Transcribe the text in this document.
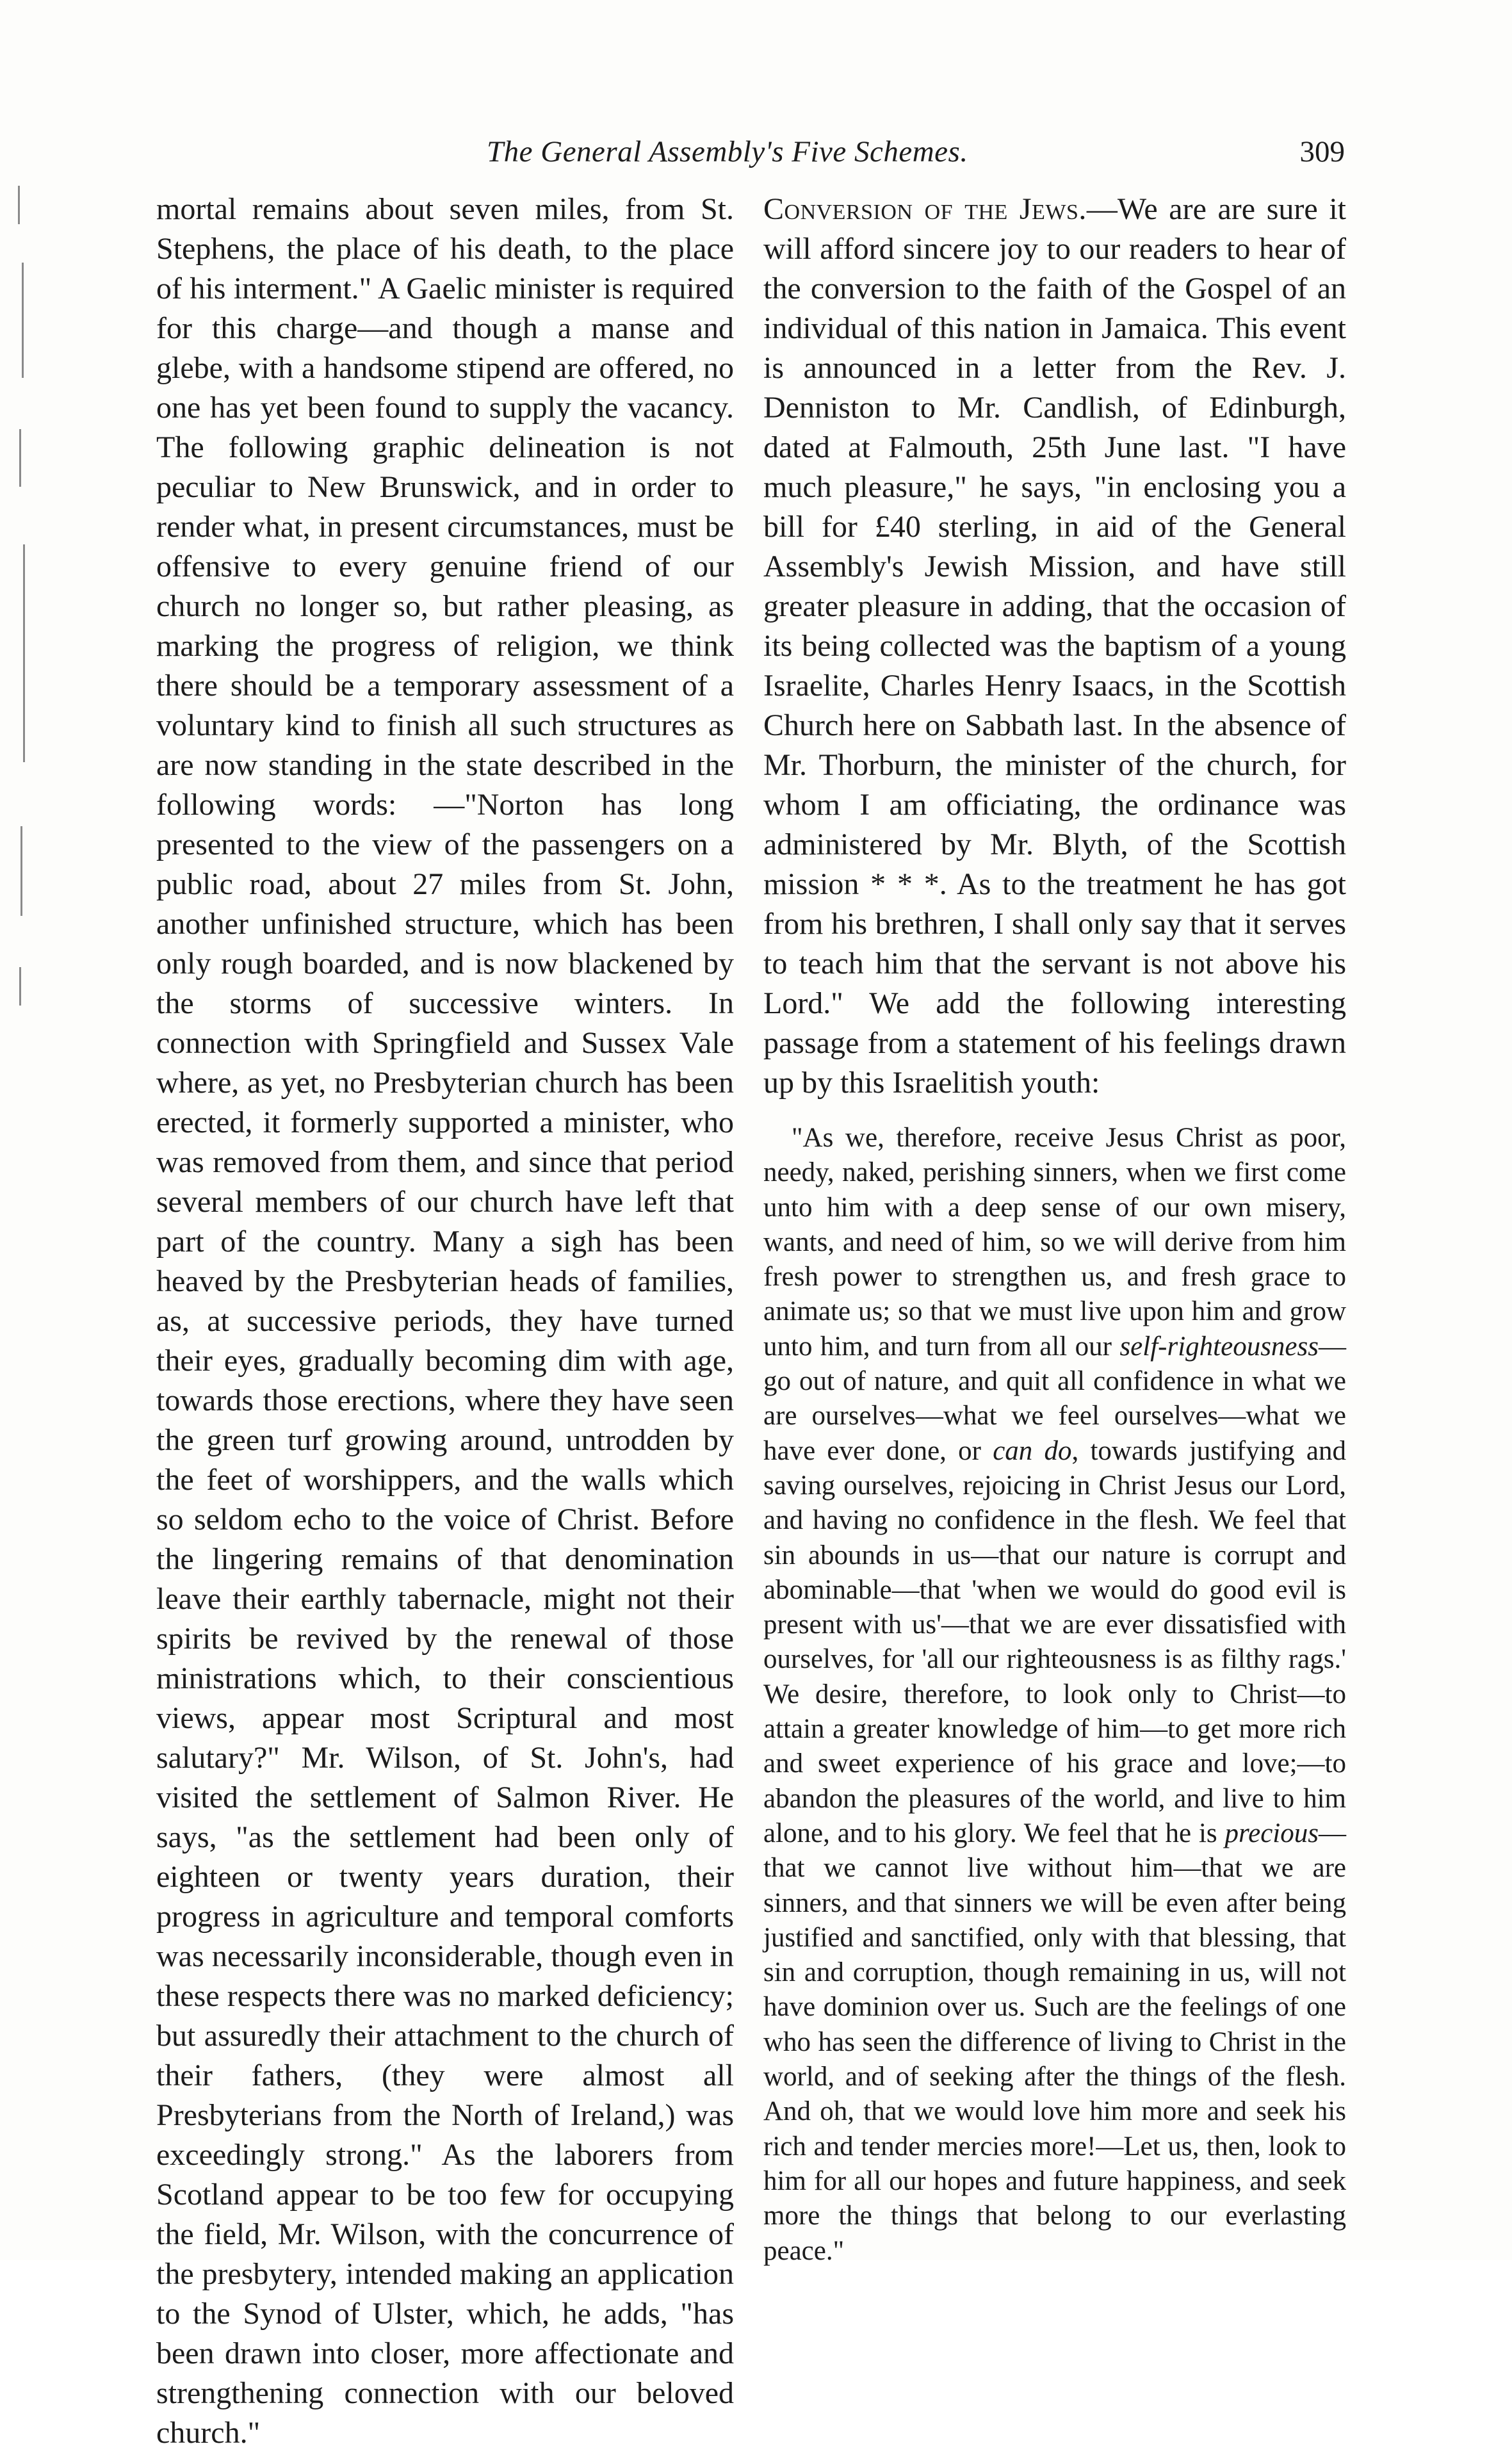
The General Assembly's Five Schemes.	309

mortal remains about seven miles, from St. Stephens, the place of his death, to the place of his interment." A Gaelic minister is required for this charge—and though a manse and glebe, with a handsome stipend are offered, no one has yet been found to supply the vacancy. The following graphic delineation is not peculiar to New Brunswick, and in order to render what, in present circumstances, must be offensive to every genuine friend of our church no longer so, but rather pleasing, as marking the progress of religion, we think there should be a temporary assessment of a voluntary kind to finish all such structures as are now standing in the state described in the following words: —"Norton has long presented to the view of the passengers on a public road, about 27 miles from St. John, another unfinished structure, which has been only rough boarded, and is now blackened by the storms of successive winters. In connection with Springfield and Sussex Vale where, as yet, no Presbyterian church has been erected, it formerly supported a minister, who was removed from them, and since that period several members of our church have left that part of the country. Many a sigh has been heaved by the Presbyterian heads of families, as, at successive periods, they have turned their eyes, gradually becoming dim with age, towards those erections, where they have seen the green turf growing around, untrodden by the feet of worshippers, and the walls which so seldom echo to the voice of Christ. Before the lingering remains of that denomination leave their earthly tabernacle, might not their spirits be revived by the renewal of those ministrations which, to their conscientious views, appear most Scriptural and most salutary?" Mr. Wilson, of St. John's, had visited the settlement of Salmon River. He says, "as the settlement had been only of eighteen or twenty years duration, their progress in agriculture and temporal comforts was necessarily inconsiderable, though even in these respects there was no marked deficiency; but assuredly their attachment to the church of their fathers, (they were almost all Presbyterians from the North of Ireland,) was exceedingly strong." As the laborers from Scotland appear to be too few for occupying the field, Mr. Wilson, with the concurrence of the presbytery, intended making an application to the Synod of Ulster, which, he adds, "has been drawn into closer, more affectionate and strengthening connection with our beloved church."

Conversion of the Jews.—We are are sure it will afford sincere joy to our readers to hear of the conversion to the faith of the Gospel of an individual of this nation in Jamaica. This event is announced in a letter from the Rev. J. Denniston to Mr. Candlish, of Edinburgh, dated at Falmouth, 25th June last. "I have much pleasure," he says, "in enclosing you a bill for £40 sterling, in aid of the General Assembly's Jewish Mission, and have still greater pleasure in adding, that the occasion of its being collected was the baptism of a young Israelite, Charles Henry Isaacs, in the Scottish Church here on Sabbath last. In the absence of Mr. Thorburn, the minister of the church, for whom I am officiating, the ordinance was administered by Mr. Blyth, of the Scottish mission * * *. As to the treatment he has got from his brethren, I shall only say that it serves to teach him that the servant is not above his Lord." We add the following interesting passage from a statement of his feelings drawn up by this Israelitish youth:

"As we, therefore, receive Jesus Christ as poor, needy, naked, perishing sinners, when we first come unto him with a deep sense of our own misery, wants, and need of him, so we will derive from him fresh power to strengthen us, and fresh grace to animate us; so that we must live upon him and grow unto him, and turn from all our self-righteousness—go out of nature, and quit all confidence in what we are ourselves—what we feel ourselves—what we have ever done, or can do, towards justifying and saving ourselves, rejoicing in Christ Jesus our Lord, and having no confidence in the flesh. We feel that sin abounds in us—that our nature is corrupt and abominable—that 'when we would do good evil is present with us'—that we are ever dissatisfied with ourselves, for 'all our righteousness is as filthy rags.' We desire, therefore, to look only to Christ—to attain a greater knowledge of him—to get more rich and sweet experience of his grace and love;—to abandon the pleasures of the world, and live to him alone, and to his glory. We feel that he is precious—that we cannot live without him—that we are sinners, and that sinners we will be even after being justified and sanctified, only with that blessing, that sin and corruption, though remaining in us, will not have dominion over us. Such are the feelings of one who has seen the difference of living to Christ in the world, and of seeking after the things of the flesh. And oh, that we would love him more and seek his rich and tender mercies more!—Let us, then, look to him for all our hopes and future happiness, and seek more the things that belong to our everlasting peace."
